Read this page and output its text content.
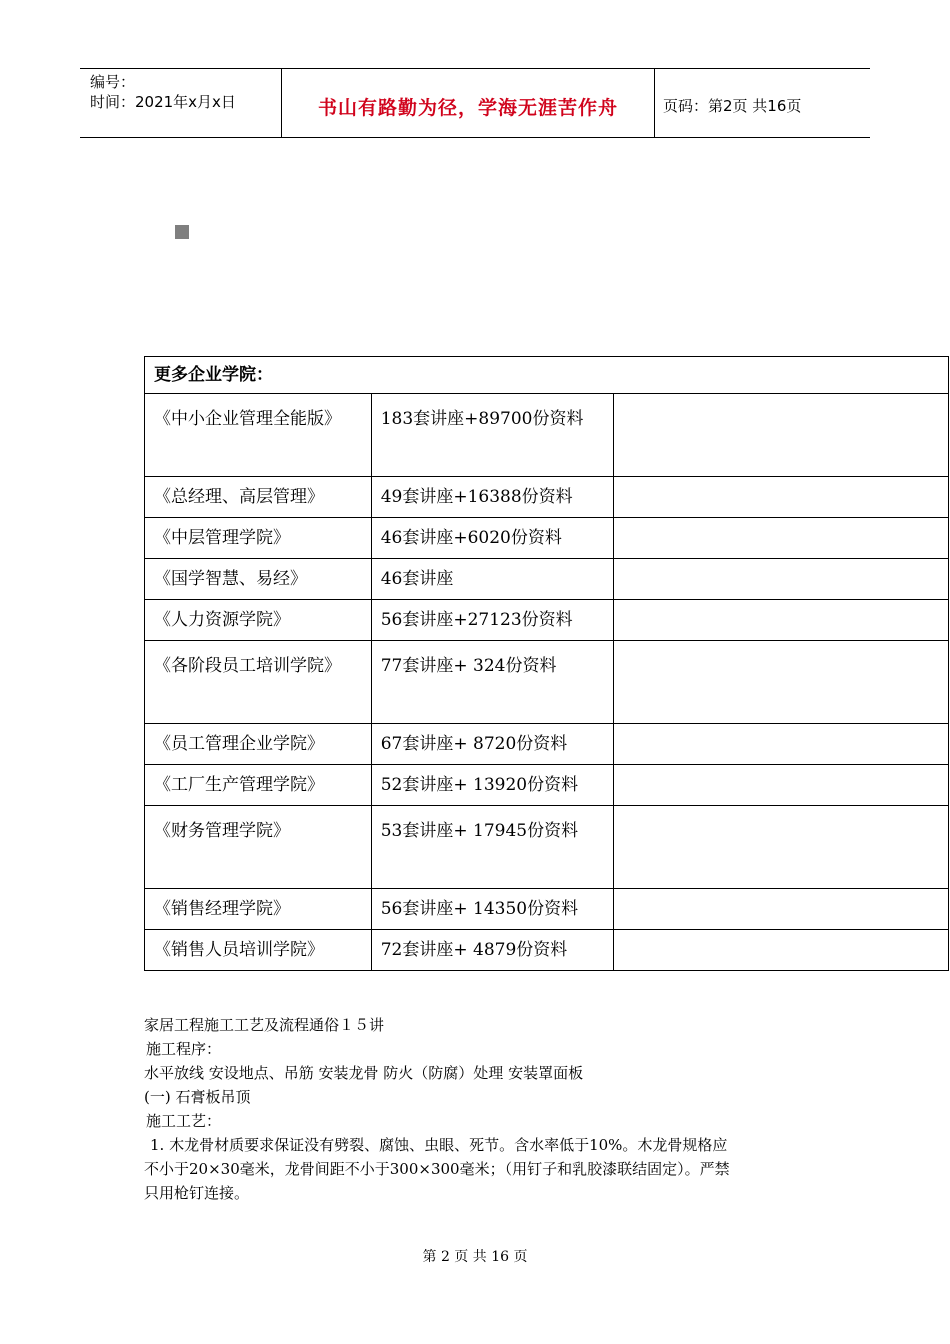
编号：
时间：2021年x月x日	书山有路勤为径，学海无涯苦作舟	页码：第2页 共16页
更多企业学院：		
《中小企业管理全能版》	183套讲座+89700份资料	
《总经理、高层管理》	49套讲座+16388份资料	
《中层管理学院》	46套讲座+6020份资料	
《国学智慧、易经》	46套讲座	
《人力资源学院》	56套讲座+27123份资料	
《各阶段员工培训学院》	77套讲座+ 324份资料	
《员工管理企业学院》	67套讲座+ 8720份资料	
《工厂生产管理学院》	52套讲座+ 13920份资料	
《财务管理学院》	53套讲座+ 17945份资料	
《销售经理学院》	56套讲座+ 14350份资料	
《销售人员培训学院》	72套讲座+ 4879份资料	

家居工程施工工艺及流程通俗１５讲

施工程序：

水平放线 安设地点、吊筋 安装龙骨 防火（防腐）处理 安装罩面板

(一) 石膏板吊顶

施工工艺：

1. 木龙骨材质要求保证没有劈裂、腐蚀、虫眼、死节。含水率低于10%。木龙骨规格应

不小于20×30毫米，龙骨间距不小于300×300毫米；（用钉子和乳胶漆联结固定）。严禁

只用枪钉连接。

第 2 页 共 16 页
